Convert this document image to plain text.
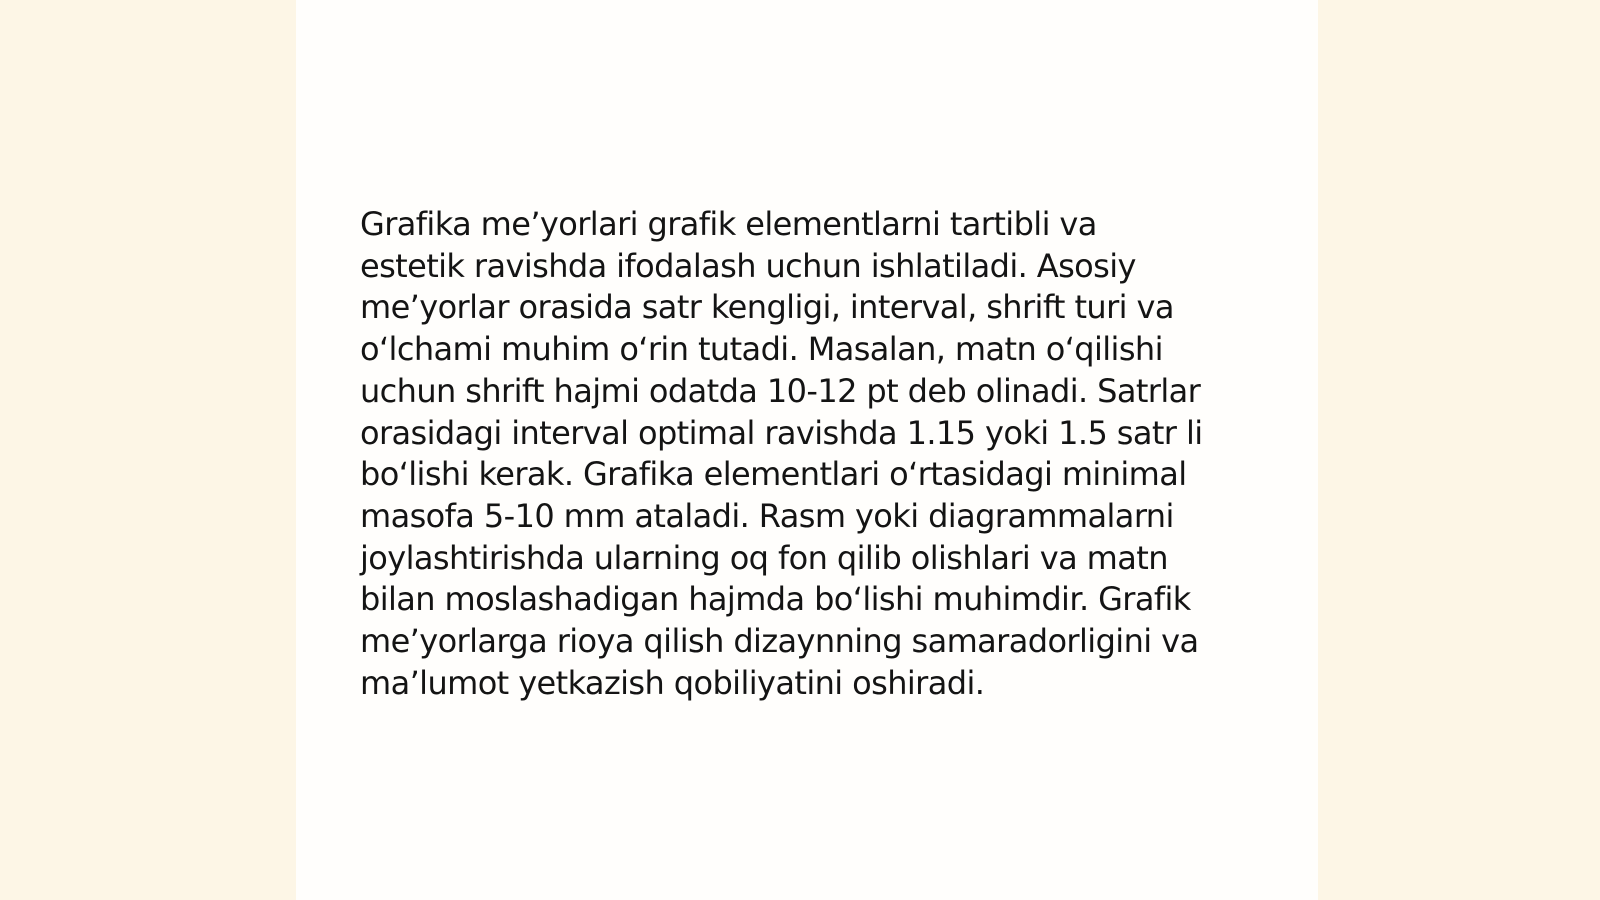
Grafika me’yorlari grafik elementlarni tartibli va
estetik ravishda ifodalash uchun ishlatiladi. Asosiy
me’yorlar orasida satr kengligi, interval, shrift turi va
oʻlchami muhim oʻrin tutadi. Masalan, matn oʻqilishi
uchun shrift hajmi odatda 10-12 pt deb olinadi. Satrlar
orasidagi interval optimal ravishda 1.15 yoki 1.5 satr li
boʻlishi kerak. Grafika elementlari oʻrtasidagi minimal
masofa 5-10 mm ataladi. Rasm yoki diagrammalarni
joylashtirishda ularning oq fon qilib olishlari va matn
bilan moslashadigan hajmda boʻlishi muhimdir. Grafik
me’yorlarga rioya qilish dizaynning samaradorligini va
ma’lumot yetkazish qobiliyatini oshiradi.
